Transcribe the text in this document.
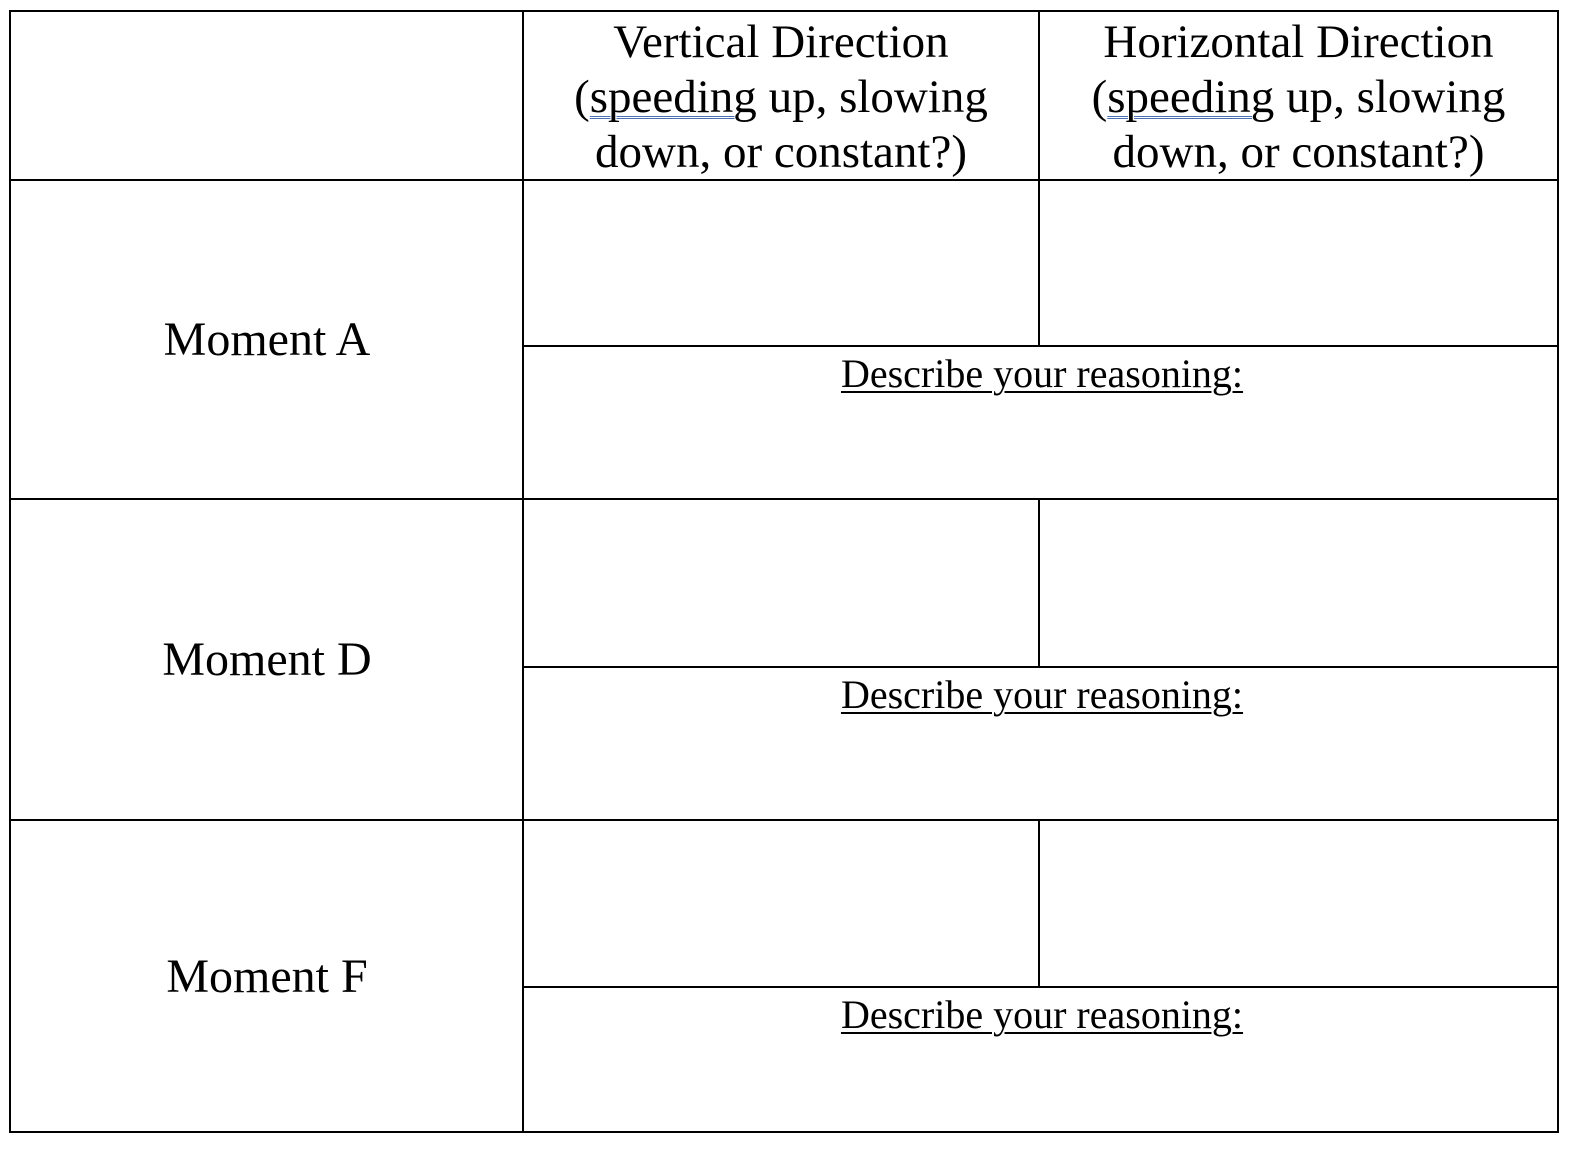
Vertical Direction
(speeding up, slowing
down, or constant?)
Horizontal Direction
(speeding up, slowing
down, or constant?)
Moment A
Describe your reasoning:
Moment D
Describe your reasoning:
Moment F
Describe your reasoning:
